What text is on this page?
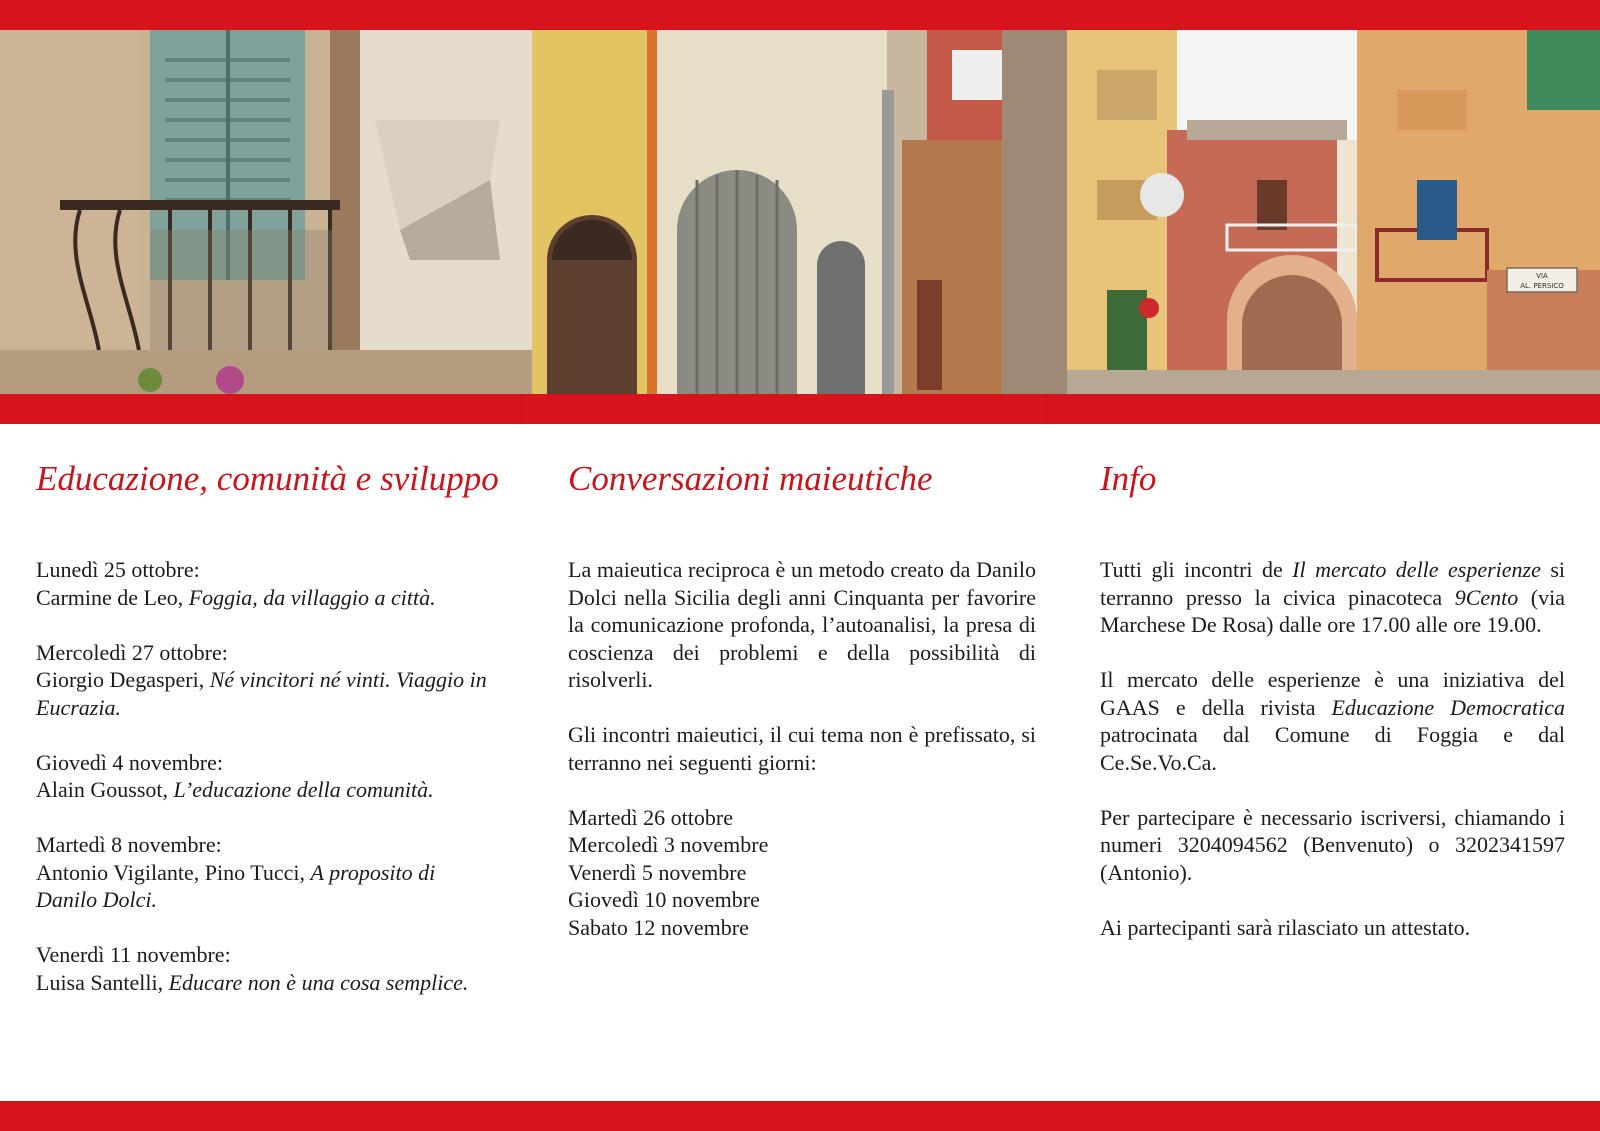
VIA
AL. PERSICO
Educazione, comunità e sviluppo
Lunedì 25 ottobre:
Carmine de Leo, Foggia, da villaggio a città.
Mercoledì 27 ottobre:
Giorgio Degasperi, Né vincitori né vinti. Viaggio in Eucrazia.
Giovedì 4 novembre:
Alain Goussot, L’educazione della comunità.
Martedì 8 novembre:
Antonio Vigilante, Pino Tucci, A proposito di Danilo Dolci.
Venerdì 11 novembre:
Luisa Santelli, Educare non è una cosa semplice.
Conversazioni maieutiche

La maieutica reciproca è un metodo creato da Danilo Dolci nella Sicilia degli anni Cinquanta per favorire la comunicazione profonda, l’autoanalisi, la presa di coscienza dei problemi e della possibilità di risolverli.

Gli incontri maieutici, il cui tema non è prefissato, si terranno nei seguenti giorni:

Martedì 26 ottobre
Mercoledì 3 novembre
Venerdì 5 novembre
Giovedì 10 novembre
Sabato 12 novembre
Info

Tutti gli incontri de Il mercato delle esperienze si terranno presso la civica pinacoteca 9Cento (via Marchese De Rosa) dalle ore 17.00 alle ore 19.00.

Il mercato delle esperienze è una iniziativa del GAAS e della rivista Educazione Democratica patrocinata dal Comune di Foggia e dal Ce.Se.Vo.Ca.

Per partecipare è necessario iscriversi, chiamando i numeri 3204094562 (Benvenuto) o 3202341597 (Antonio).

Ai partecipanti sarà rilasciato un attestato.
